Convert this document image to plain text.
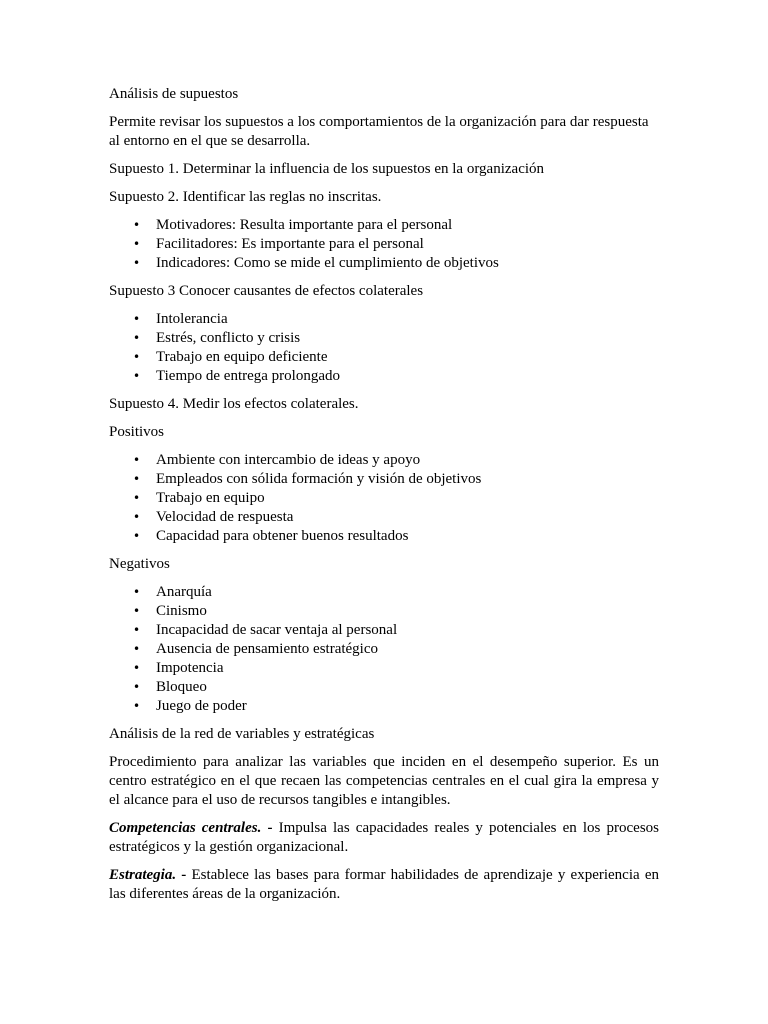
Análisis de supuestos

Permite revisar los supuestos a los comportamientos de la organización para dar respuesta al entorno en el que se desarrolla.

Supuesto 1. Determinar la influencia de los supuestos en la organización

Supuesto 2. Identificar las reglas no inscritas.

• Motivadores: Resulta importante para el personal
• Facilitadores: Es importante para el personal
• Indicadores: Como se mide el cumplimiento de objetivos

Supuesto 3 Conocer causantes de efectos colaterales

• Intolerancia
• Estrés, conflicto y crisis
• Trabajo en equipo deficiente
• Tiempo de entrega prolongado

Supuesto 4. Medir los efectos colaterales.

Positivos

• Ambiente con intercambio de ideas y apoyo
• Empleados con sólida formación y visión de objetivos
• Trabajo en equipo
• Velocidad de respuesta
• Capacidad para obtener buenos resultados

Negativos

• Anarquía
• Cinismo
• Incapacidad de sacar ventaja al personal
• Ausencia de pensamiento estratégico
• Impotencia
• Bloqueo
• Juego de poder

Análisis de la red de variables y estratégicas

Procedimiento para analizar las variables que inciden en el desempeño superior. Es un centro estratégico en el que recaen las competencias centrales en el cual gira la empresa y el alcance para el uso de recursos tangibles e intangibles.

Competencias centrales. - Impulsa las capacidades reales y potenciales en los procesos estratégicos y la gestión organizacional.

Estrategia. - Establece las bases para formar habilidades de aprendizaje y experiencia en las diferentes áreas de la organización.
